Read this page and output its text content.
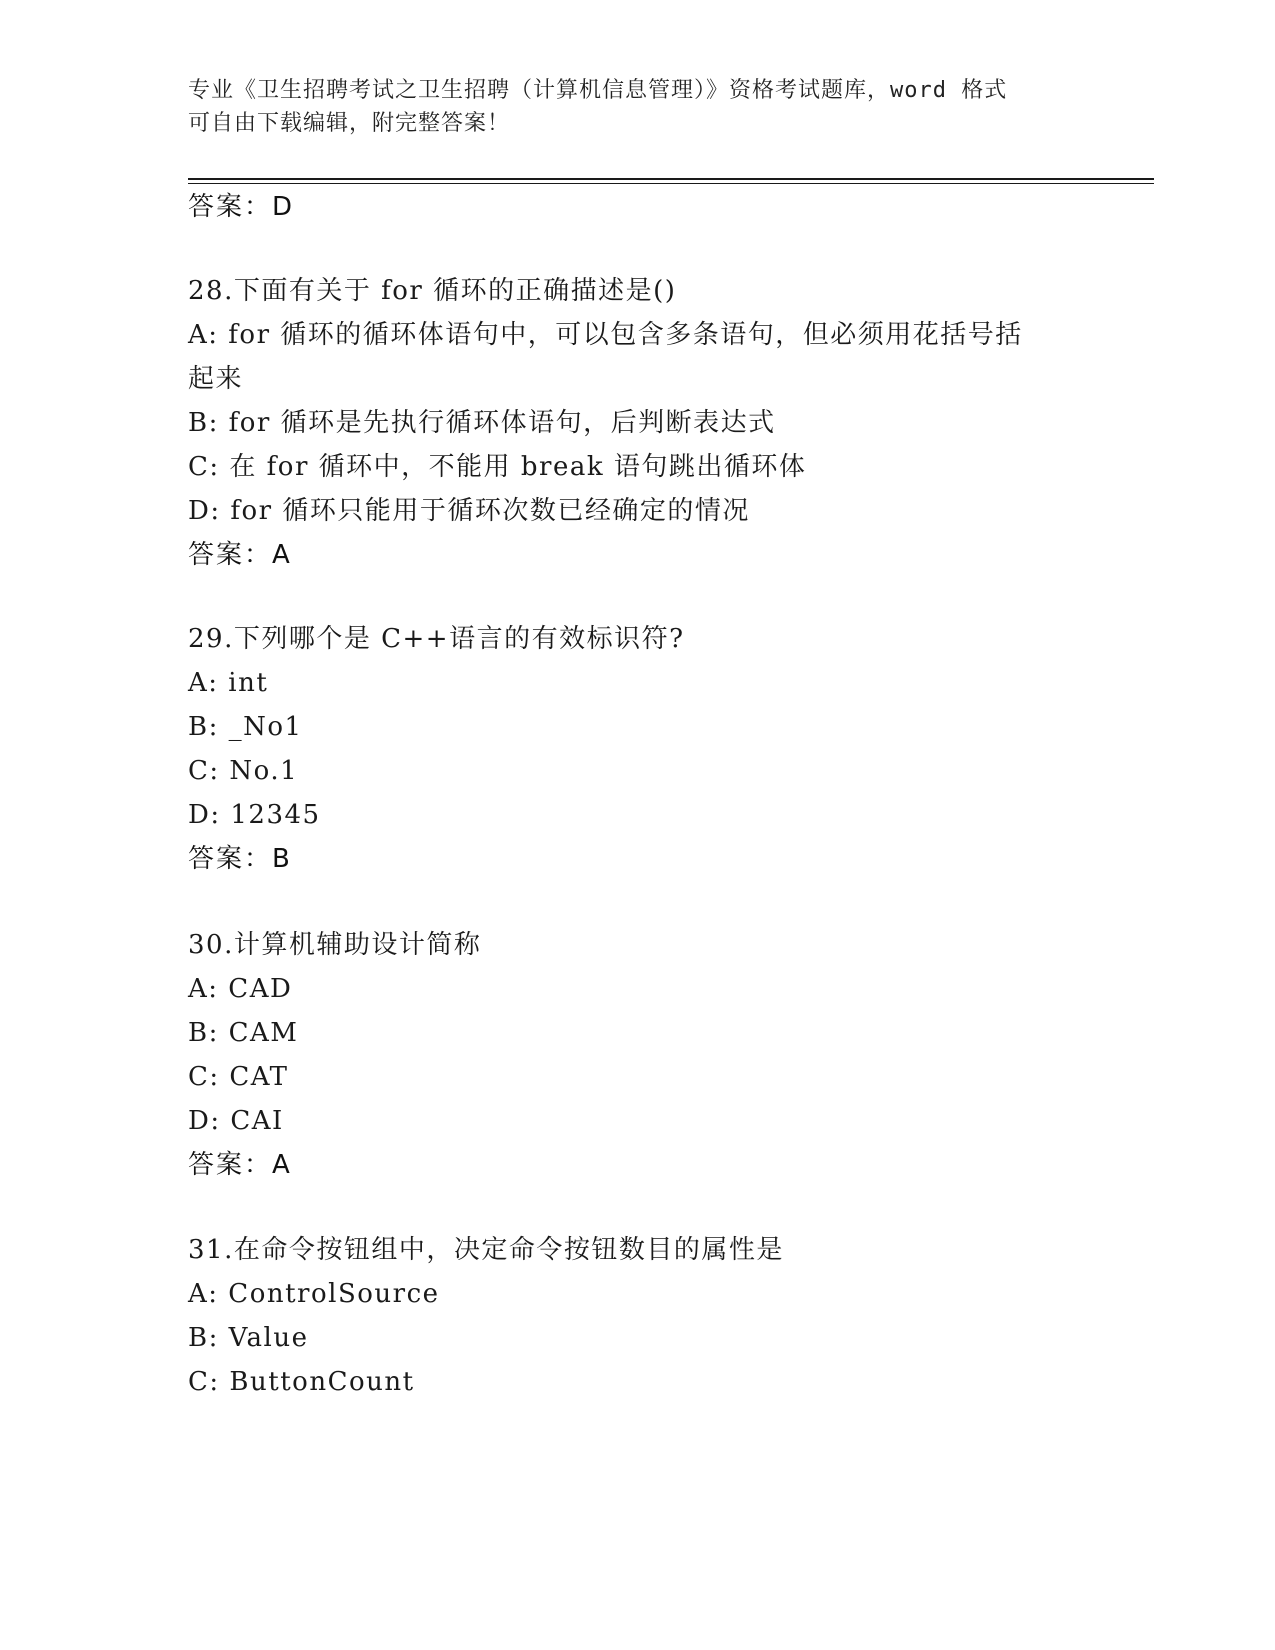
专业《卫生招聘考试之卫生招聘（计算机信息管理）》资格考试题库，word 格式
可自由下载编辑，附完整答案！
答案：D
28.下面有关于 for 循环的正确描述是()
A: for 循环的循环体语句中，可以包含多条语句，但必须用花括号括
起来
B: for 循环是先执行循环体语句，后判断表达式
C: 在 for 循环中，不能用 break 语句跳出循环体
D: for 循环只能用于循环次数已经确定的情况
答案：A
29.下列哪个是 C++语言的有效标识符?
A: int
B: _No1
C: No.1
D: 12345
答案：B
30.计算机辅助设计简称
A: CAD
B: CAM
C: CAT
D: CAI
答案：A
31.在命令按钮组中，决定命令按钮数目的属性是
A: ControlSource
B: Value
C: ButtonCount
